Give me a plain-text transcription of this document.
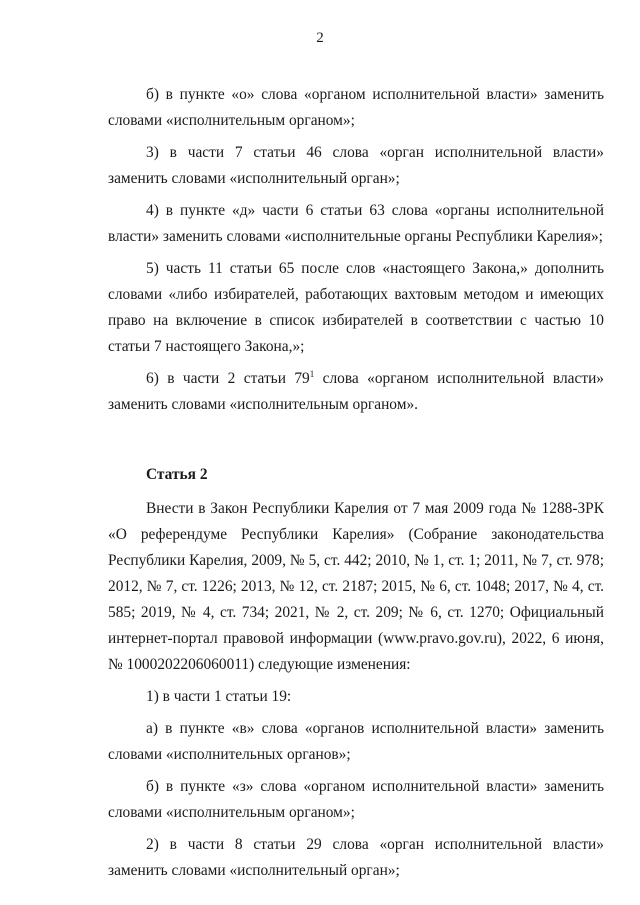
2

б) в пункте «о» слова «органом исполнительной власти» заменить словами «исполнительным органом»;

3) в части 7 статьи 46 слова «орган исполнительной власти» заменить словами «исполнительный орган»;

4) в пункте «д» части 6 статьи 63 слова «органы исполнительной власти» заменить словами «исполнительные органы Республики Карелия»;

5) часть 11 статьи 65 после слов «настоящего Закона,» дополнить словами «либо избирателей, работающих вахтовым методом и имеющих право на включение в список избирателей в соответствии с частью 10 статьи 7 настоящего Закона,»;

6) в части 2 статьи $79^1$ слова «органом исполнительной власти» заменить словами «исполнительным органом».

Статья 2

Внести в Закон Республики Карелия от 7 мая 2009 года № 1288-ЗРК «О референдуме Республики Карелия» (Собрание законодательства Республики Карелия, 2009, № 5, ст. 442; 2010, № 1, ст. 1; 2011, № 7, ст. 978; 2012, № 7, ст. 1226; 2013, № 12, ст. 2187; 2015, № 6, ст. 1048; 2017, № 4, ст. 585; 2019, № 4, ст. 734; 2021, № 2, ст. 209; № 6, ст. 1270; Официальный интернет-портал правовой информации (www.pravo.gov.ru), 2022, 6 июня, № 1000202206060011) следующие изменения:

1) в части 1 статьи 19:

а) в пункте «в» слова «органов исполнительной власти» заменить словами «исполнительных органов»;

б) в пункте «з» слова «органом исполнительной власти» заменить словами «исполнительным органом»;

2) в части 8 статьи 29 слова «орган исполнительной власти» заменить словами «исполнительный орган»;
